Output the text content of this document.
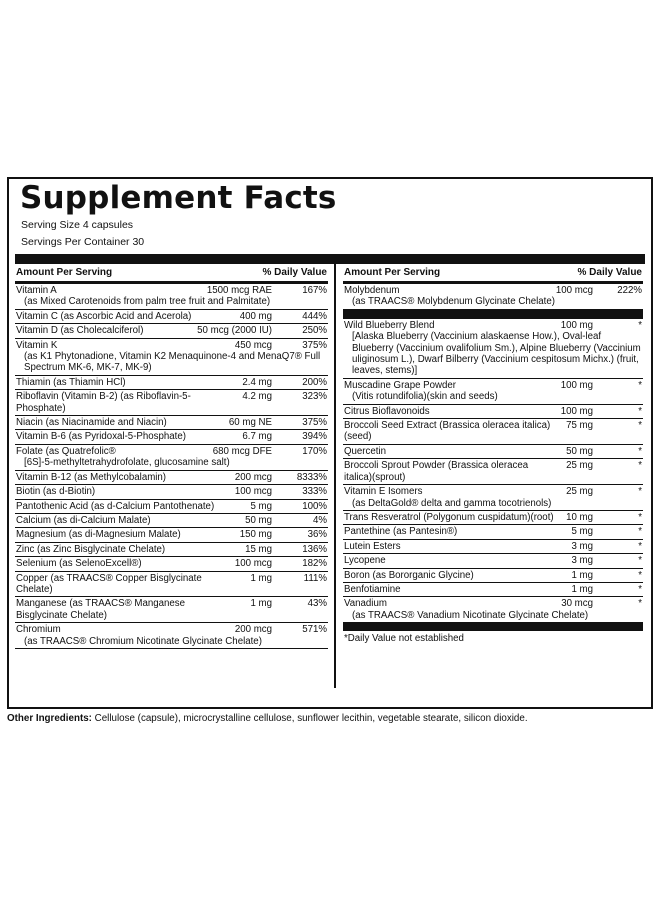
Supplement Facts
Serving Size 4 capsules
Servings Per Container 30
Amount Per Serving	% Daily Value
Vitamin A	1500 mcg RAE	167%
(as Mixed Carotenoids from palm tree fruit and Palmitate)
Vitamin C (as Ascorbic Acid and Acerola)	400 mg	444%
Vitamin D (as Cholecalciferol)	50 mcg (2000 IU)	250%
Vitamin K	450 mcg	375%
(as K1 Phytonadione, Vitamin K2 Menaquinone-4 and MenaQ7® Full Spectrum MK-6, MK-7, MK-9)
Thiamin (as Thiamin HCl)	2.4 mg	200%
Riboflavin (Vitamin B-2) (as Riboflavin-5-Phosphate)
4.2 mg	323%
Niacin (as Niacinamide and Niacin)	60 mg NE	375%
Vitamin B-6 (as Pyridoxal-5-Phosphate)	6.7 mg	394%
Folate (as Quatrefolic®	680 mcg DFE	170%
[6S]-5-methyltetrahydrofolate, glucosamine salt)
Vitamin B-12 (as Methylcobalamin)	200 mcg	8333%
Biotin (as d-Biotin)	100 mcg	333%
Pantothenic Acid (as d-Calcium Pantothenate)	5 mg	100%
Calcium (as di-Calcium Malate)	50 mg	4%
Magnesium (as di-Magnesium Malate)	150 mg	36%
Zinc (as Zinc Bisglycinate Chelate)	15 mg	136%
Selenium (as SelenoExcell®)	100 mcg	182%
Copper (as TRAACS® Copper Bisglycinate Chelate)
1 mg	111%
Manganese (as TRAACS® Manganese Bisglycinate Chelate)
1 mg	43%
Chromium	200 mcg	571%
(as TRAACS® Chromium Nicotinate Glycinate Chelate)
Amount Per Serving	% Daily Value
Molybdenum	100 mcg 222%
(as TRAACS® Molybdenum Glycinate Chelate)
Wild Blueberry Blend	100 mg	*
[Alaska Blueberry (Vaccinium alaskaense How.), Oval-leaf Blueberry (Vaccinium ovalifolium Sm.), Alpine Blueberry (Vaccinium uliginosum L.), Dwarf Bilberry (Vaccinium cespitosum Michx.) (fruit, leaves, stems)]
Muscadine Grape Powder	100 mg	*
(Vitis rotundifolia)(skin and seeds)
Citrus Bioflavonoids	100 mg	*
Broccoli Seed Extract (Brassica oleracea italica)(seed)
75 mg	*
Quercetin	50 mg	*
Broccoli Sprout Powder (Brassica oleracea italica)(sprout)
25 mg	*
Vitamin E Isomers	25 mg	*
(as DeltaGold® delta and gamma tocotrienols)
Trans Resveratrol (Polygonum cuspidatum)(root) 10 mg	*
Pantethine (as Pantesin®)	5 mg	*
Lutein Esters	3 mg	*
Lycopene	3 mg	*
Boron (as Bororganic Glycine)	1 mg	*
Benfotiamine	1 mg	*
Vanadium	30 mcg	*
(as TRAACS® Vanadium Nicotinate Glycinate Chelate)
*Daily Value not established
Other Ingredients: Cellulose (capsule), microcrystalline cellulose, sunflower lecithin, vegetable stearate, silicon dioxide.
